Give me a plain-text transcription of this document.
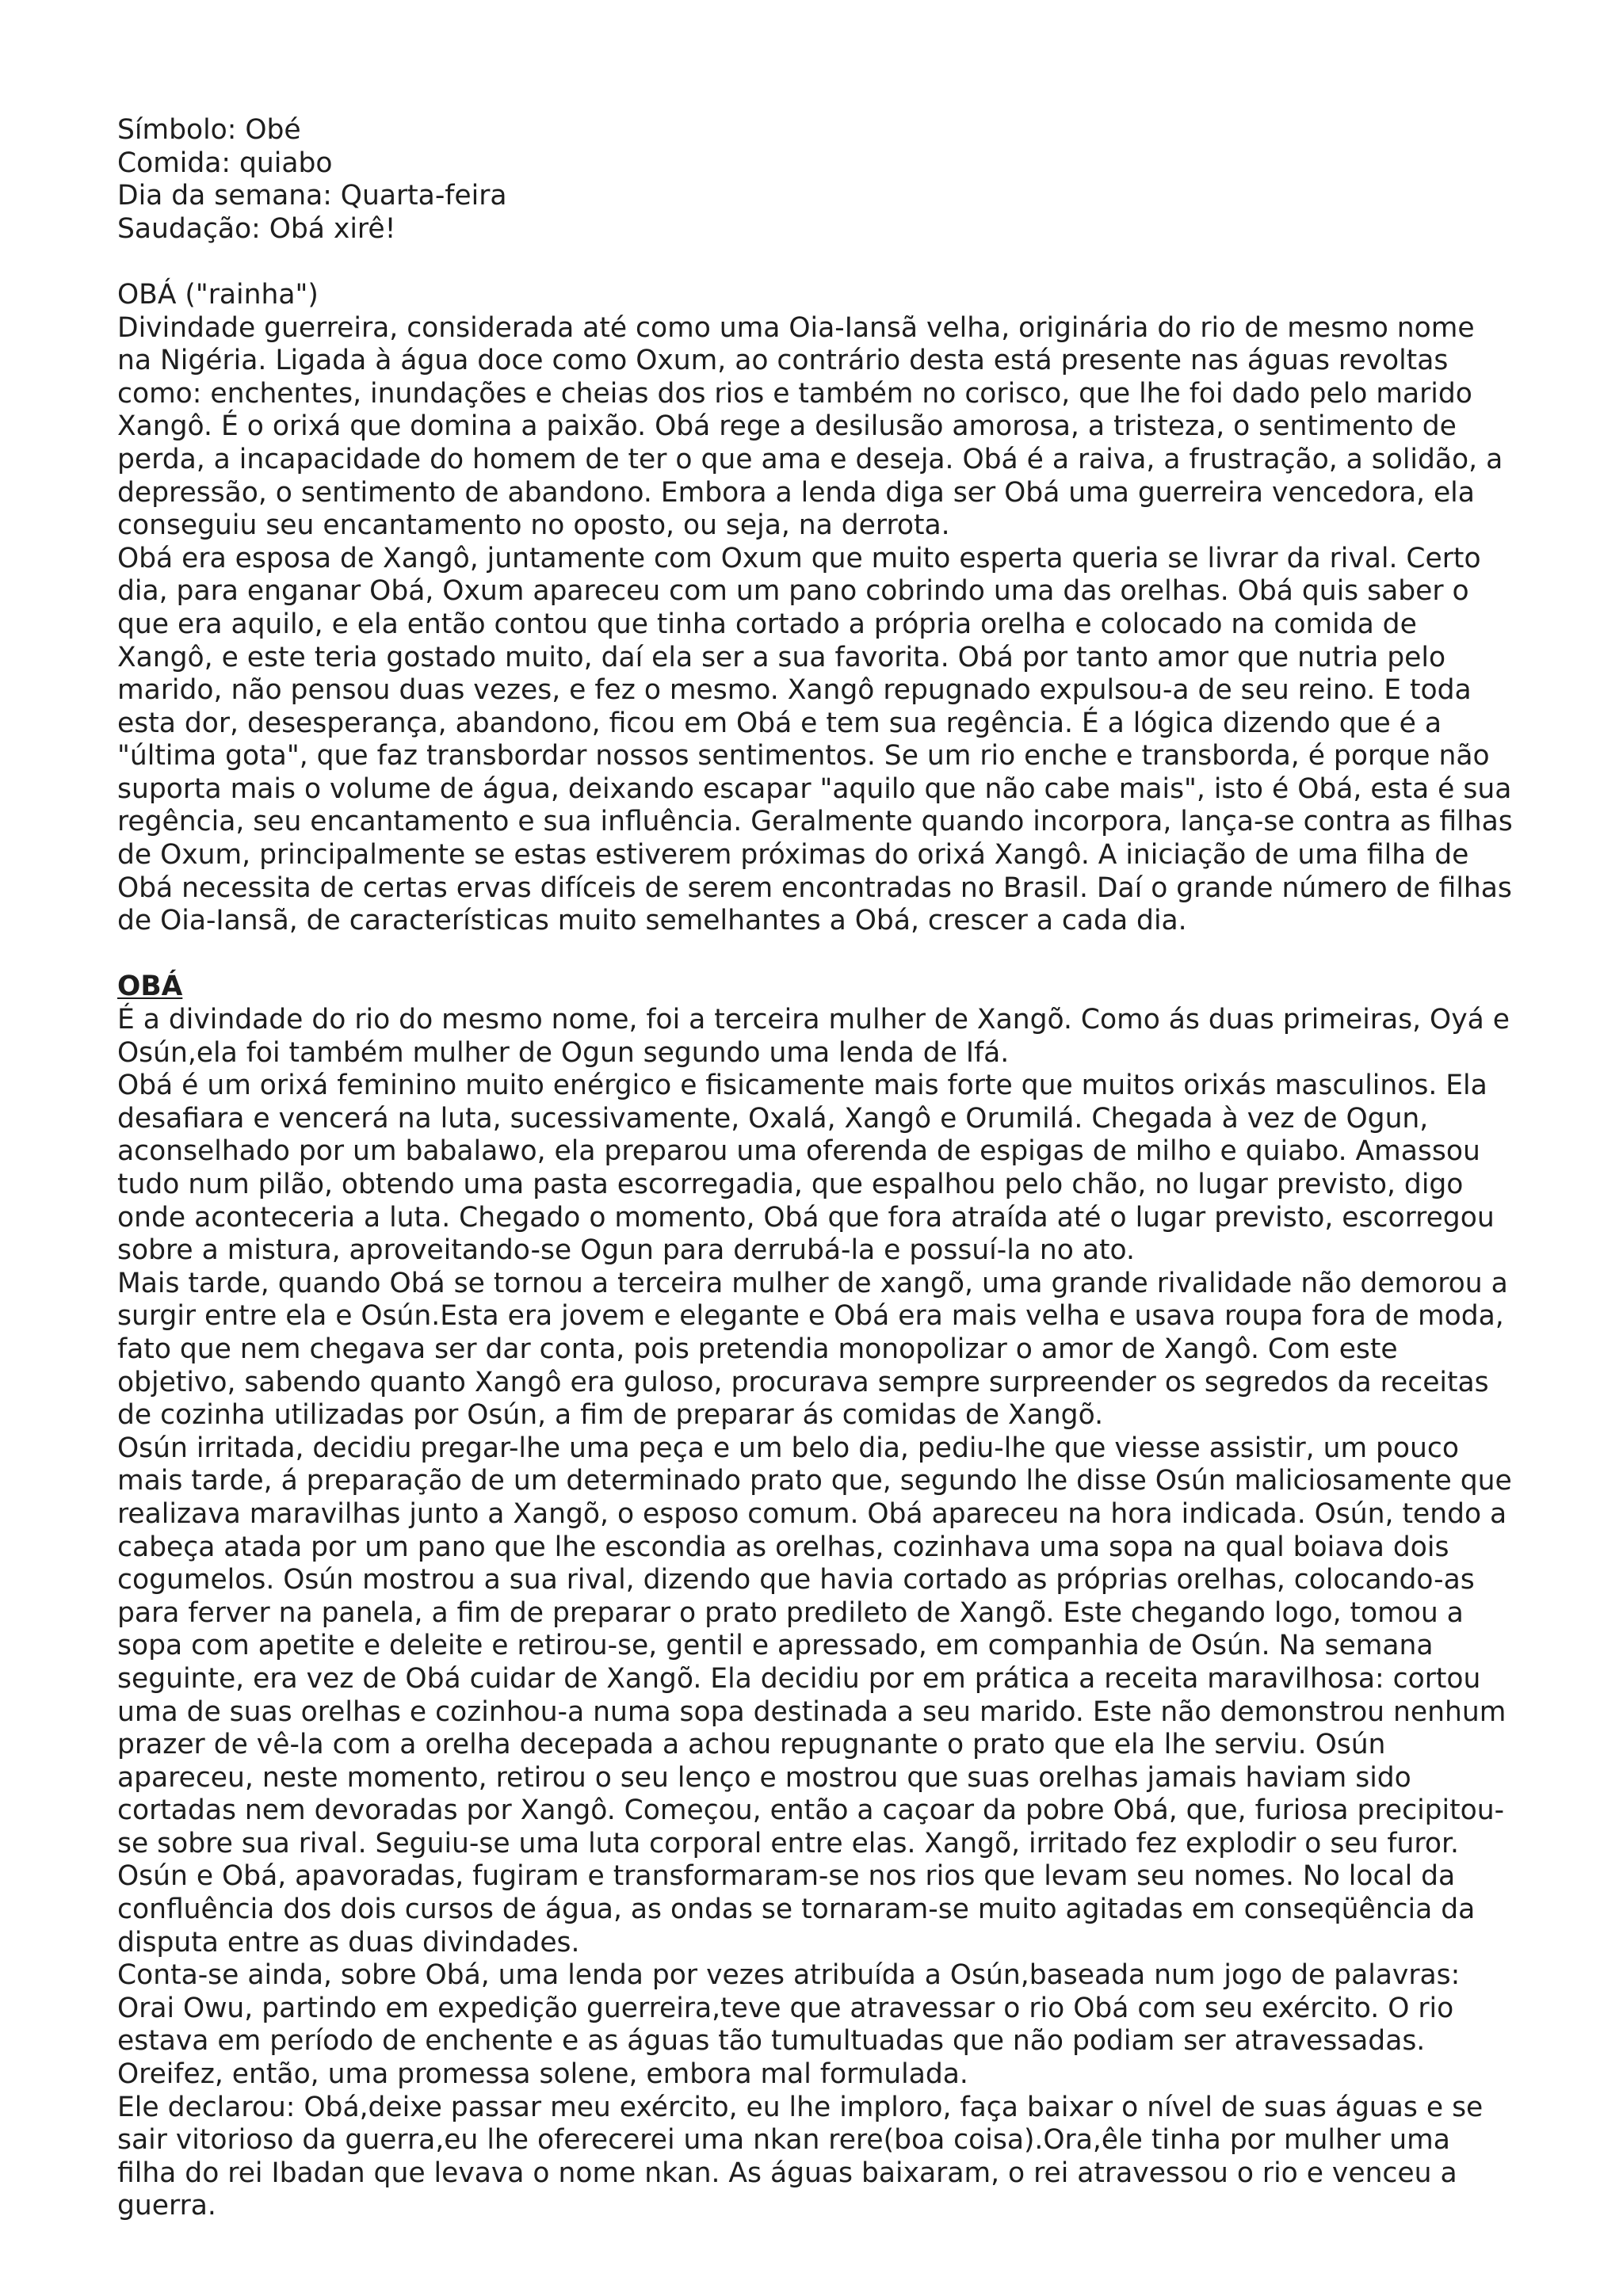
Símbolo: Obé
Comida: quiabo
Dia da semana: Quarta-feira
Saudação: Obá xirê!
OBÁ ("rainha")

Divindade guerreira, considerada até como uma Oia-Iansã velha, originária do rio de mesmo nome na Nigéria. Ligada à água doce como Oxum, ao contrário desta está presente nas águas revoltas como: enchentes, inundações e cheias dos rios e também no corisco, que lhe foi dado pelo marido Xangô. É o orixá que domina a paixão. Obá rege a desilusão amorosa, a tristeza, o sentimento de perda, a incapacidade do homem de ter o que ama e deseja. Obá é a raiva, a frustração, a solidão, a depressão, o sentimento de abandono. Embora a lenda diga ser Obá uma guerreira vencedora, ela conseguiu seu encantamento no oposto, ou seja, na derrota.

Obá era esposa de Xangô, juntamente com Oxum que muito esperta queria se livrar da rival. Certo dia, para enganar Obá, Oxum apareceu com um pano cobrindo uma das orelhas. Obá quis saber o que era aquilo, e ela então contou que tinha cortado a própria orelha e colocado na comida de Xangô, e este teria gostado muito, daí ela ser a sua favorita. Obá por tanto amor que nutria pelo marido, não pensou duas vezes, e fez o mesmo. Xangô repugnado expulsou-a de seu reino. E toda esta dor, desesperança, abandono, ficou em Obá e tem sua regência. É a lógica dizendo que é a "última gota", que faz transbordar nossos sentimentos. Se um rio enche e transborda, é porque não suporta mais o volume de água, deixando escapar "aquilo que não cabe mais", isto é Obá, esta é sua regência, seu encantamento e sua influência. Geralmente quando incorpora, lança-se contra as filhas de Oxum, principalmente se estas estiverem próximas do orixá Xangô. A iniciação de uma filha de Obá necessita de certas ervas difíceis de serem encontradas no Brasil. Daí o grande número de filhas de Oia-Iansã, de características muito semelhantes a Obá, crescer a cada dia.

OBÁ

É a divindade do rio do mesmo nome, foi a terceira mulher de Xangõ. Como ás duas primeiras, Oyá e Osún,ela foi também mulher de Ogun segundo uma lenda de Ifá.

Obá é um orixá feminino muito enérgico e fisicamente mais forte que muitos orixás masculinos. Ela desafiara e vencerá na luta, sucessivamente, Oxalá, Xangô e Orumilá. Chegada à vez de Ogun, aconselhado por um babalawo, ela preparou uma oferenda de espigas de milho e quiabo. Amassou tudo num pilão, obtendo uma pasta escorregadia, que espalhou pelo chão, no lugar previsto, digo onde aconteceria a luta. Chegado o momento, Obá que fora atraída até o lugar previsto, escorregou sobre a mistura, aproveitando-se Ogun para derrubá-la e possuí-la no ato.

Mais tarde, quando Obá se tornou a terceira mulher de xangõ, uma grande rivalidade não demorou a surgir entre ela e Osún.Esta era jovem e elegante e Obá era mais velha e usava roupa fora de moda, fato que nem chegava ser dar conta, pois pretendia monopolizar o amor de Xangô. Com este objetivo, sabendo quanto Xangô era guloso, procurava sempre surpreender os segredos da receitas de cozinha utilizadas por Osún, a fim de preparar ás comidas de Xangõ.

Osún irritada, decidiu pregar-lhe uma peça e um belo dia, pediu-lhe que viesse assistir, um pouco mais tarde, á preparação de um determinado prato que, segundo lhe disse Osún maliciosamente que realizava maravilhas junto a Xangõ, o esposo comum. Obá apareceu na hora indicada. Osún, tendo a cabeça atada por um pano que lhe escondia as orelhas, cozinhava uma sopa na qual boiava dois cogumelos. Osún mostrou a sua rival, dizendo que havia cortado as próprias orelhas, colocando-as para ferver na panela, a fim de preparar o prato predileto de Xangõ. Este chegando logo, tomou a sopa com apetite e deleite e retirou-se, gentil e apressado, em companhia de Osún. Na semana seguinte, era vez de Obá cuidar de Xangõ. Ela decidiu por em prática a receita maravilhosa: cortou uma de suas orelhas e cozinhou-a numa sopa destinada a seu marido. Este não demonstrou nenhum prazer de vê-la com a orelha decepada a achou repugnante o prato que ela lhe serviu. Osún apareceu, neste momento, retirou o seu lenço e mostrou que suas orelhas jamais haviam sido cortadas nem devoradas por Xangô. Começou, então a caçoar da pobre Obá, que, furiosa precipitou-se sobre sua rival. Seguiu-se uma luta corporal entre elas. Xangõ, irritado fez explodir o seu furor. Osún e Obá, apavoradas, fugiram e transformaram-se nos rios que levam seu nomes. No local da confluência dos dois cursos de água, as ondas se tornaram-se muito agitadas em conseqüência da disputa entre as duas divindades.

Conta-se ainda, sobre Obá, uma lenda por vezes atribuída a Osún,baseada num jogo de palavras: Orai Owu, partindo em expedição guerreira,teve que atravessar o rio Obá com seu exército. O rio estava em período de enchente e as águas tão tumultuadas que não podiam ser atravessadas. Oreifez, então, uma promessa solene, embora mal formulada.

Ele declarou: Obá,deixe passar meu exército, eu lhe imploro, faça baixar o nível de suas águas e se sair vitorioso da guerra,eu lhe oferecerei uma nkan rere(boa coisa).Ora,êle tinha por mulher uma filha do rei Ibadan que levava o nome nkan. As águas baixaram, o rei atravessou o rio e venceu a guerra.
